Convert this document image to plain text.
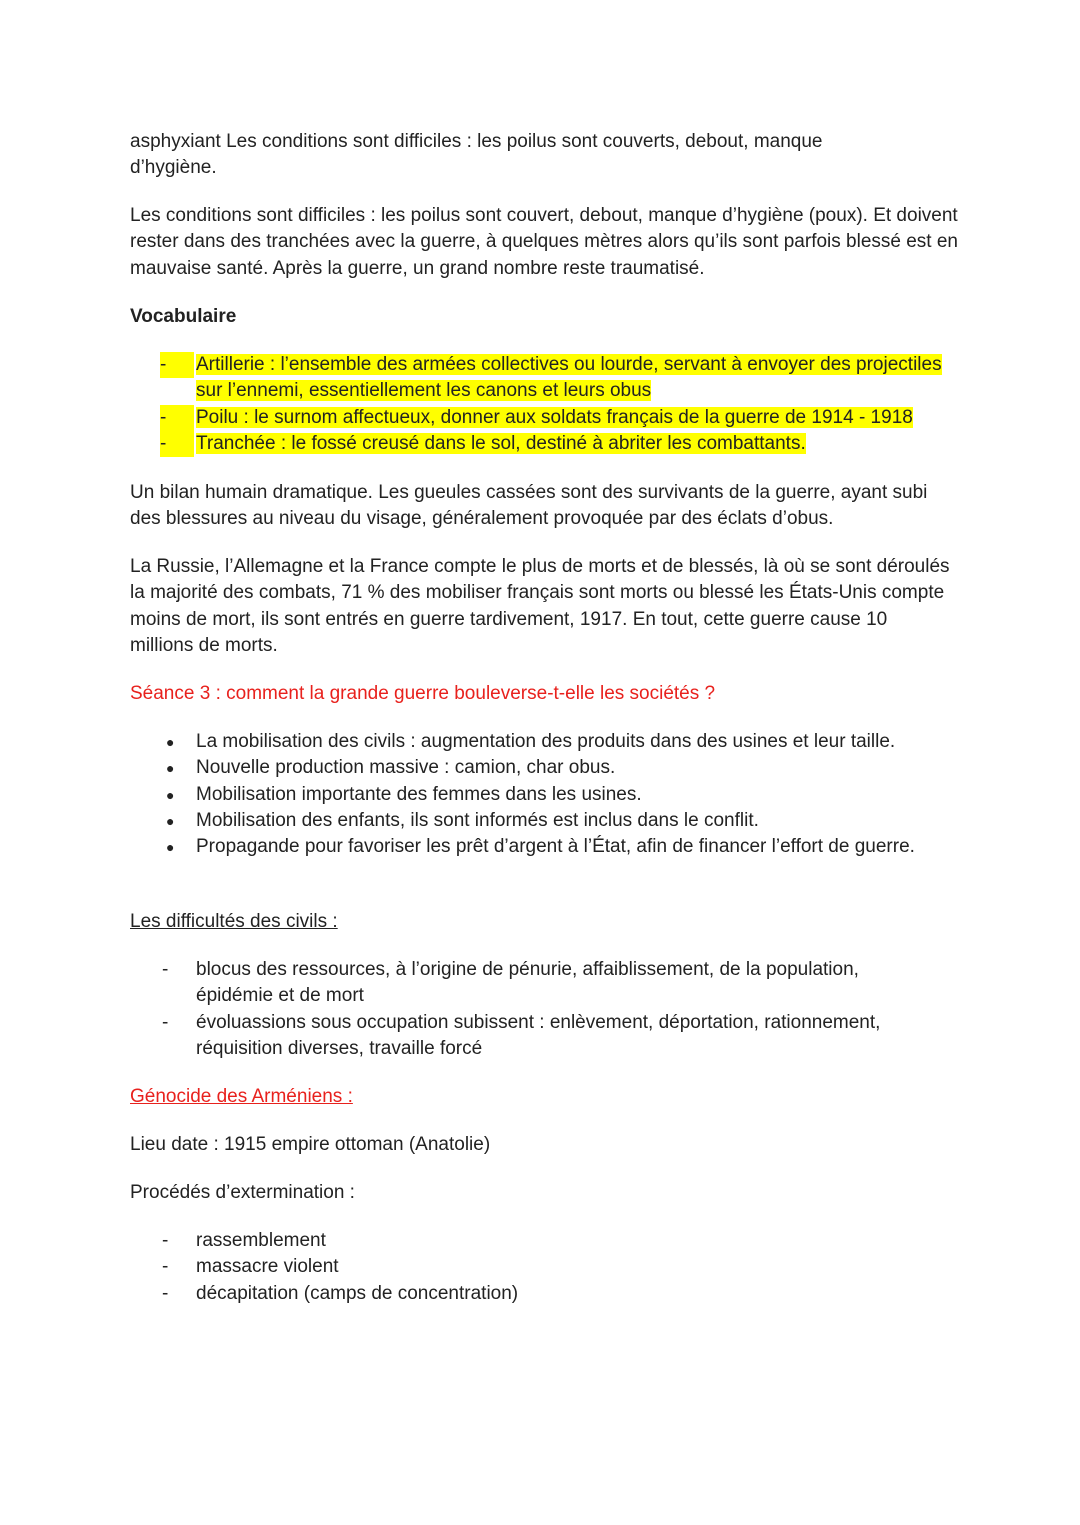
asphyxiant Les conditions sont difficiles : les poilus sont couverts, debout, manque d’hygiène.

Les conditions sont difficiles : les poilus sont couvert, debout, manque d’hygiène (poux). Et doivent rester dans des tranchées avec la guerre, à quelques mètres alors qu’ils sont parfois blessé est en mauvaise santé. Après la guerre, un grand nombre reste traumatisé.

Vocabulaire

-	Artillerie : l’ensemble des armées collectives ou lourde, servant à envoyer des projectiles sur l’ennemi, essentiellement les canons et leurs obus
-	Poilu : le surnom affectueux, donner aux soldats français de la guerre de 1914 - 1918
-	Tranchée : le fossé creusé dans le sol, destiné à abriter les combattants.

Un bilan humain dramatique. Les gueules cassées sont des survivants de la guerre, ayant subi des blessures au niveau du visage, généralement provoquée par des éclats d’obus.

La Russie, l’Allemagne et la France compte le plus de morts et de blessés, là où se sont déroulés la majorité des combats, 71 % des mobiliser français sont morts ou blessé les États-Unis compte moins de mort, ils sont entrés en guerre tardivement, 1917. En tout, cette guerre cause 10 millions de morts.

Séance 3 : comment la grande guerre bouleverse-t-elle les sociétés ?

●	La mobilisation des civils : augmentation des produits dans des usines et leur taille.
●	Nouvelle production massive : camion, char obus.
●	Mobilisation importante des femmes dans les usines.
●	Mobilisation des enfants, ils sont informés est inclus dans le conflit.
●	Propagande pour favoriser les prêt d’argent à l’État, afin de financer l’effort de guerre.

Les difficultés des civils :

-	blocus des ressources, à l’origine de pénurie, affaiblissement, de la population, épidémie et de mort
-	évoluassions sous occupation subissent : enlèvement, déportation, rationnement, réquisition diverses, travaille forcé

Génocide des Arméniens :

Lieu date : 1915 empire ottoman (Anatolie)

Procédés d’extermination :

-	rassemblement
-	massacre violent
-	décapitation (camps de concentration)
